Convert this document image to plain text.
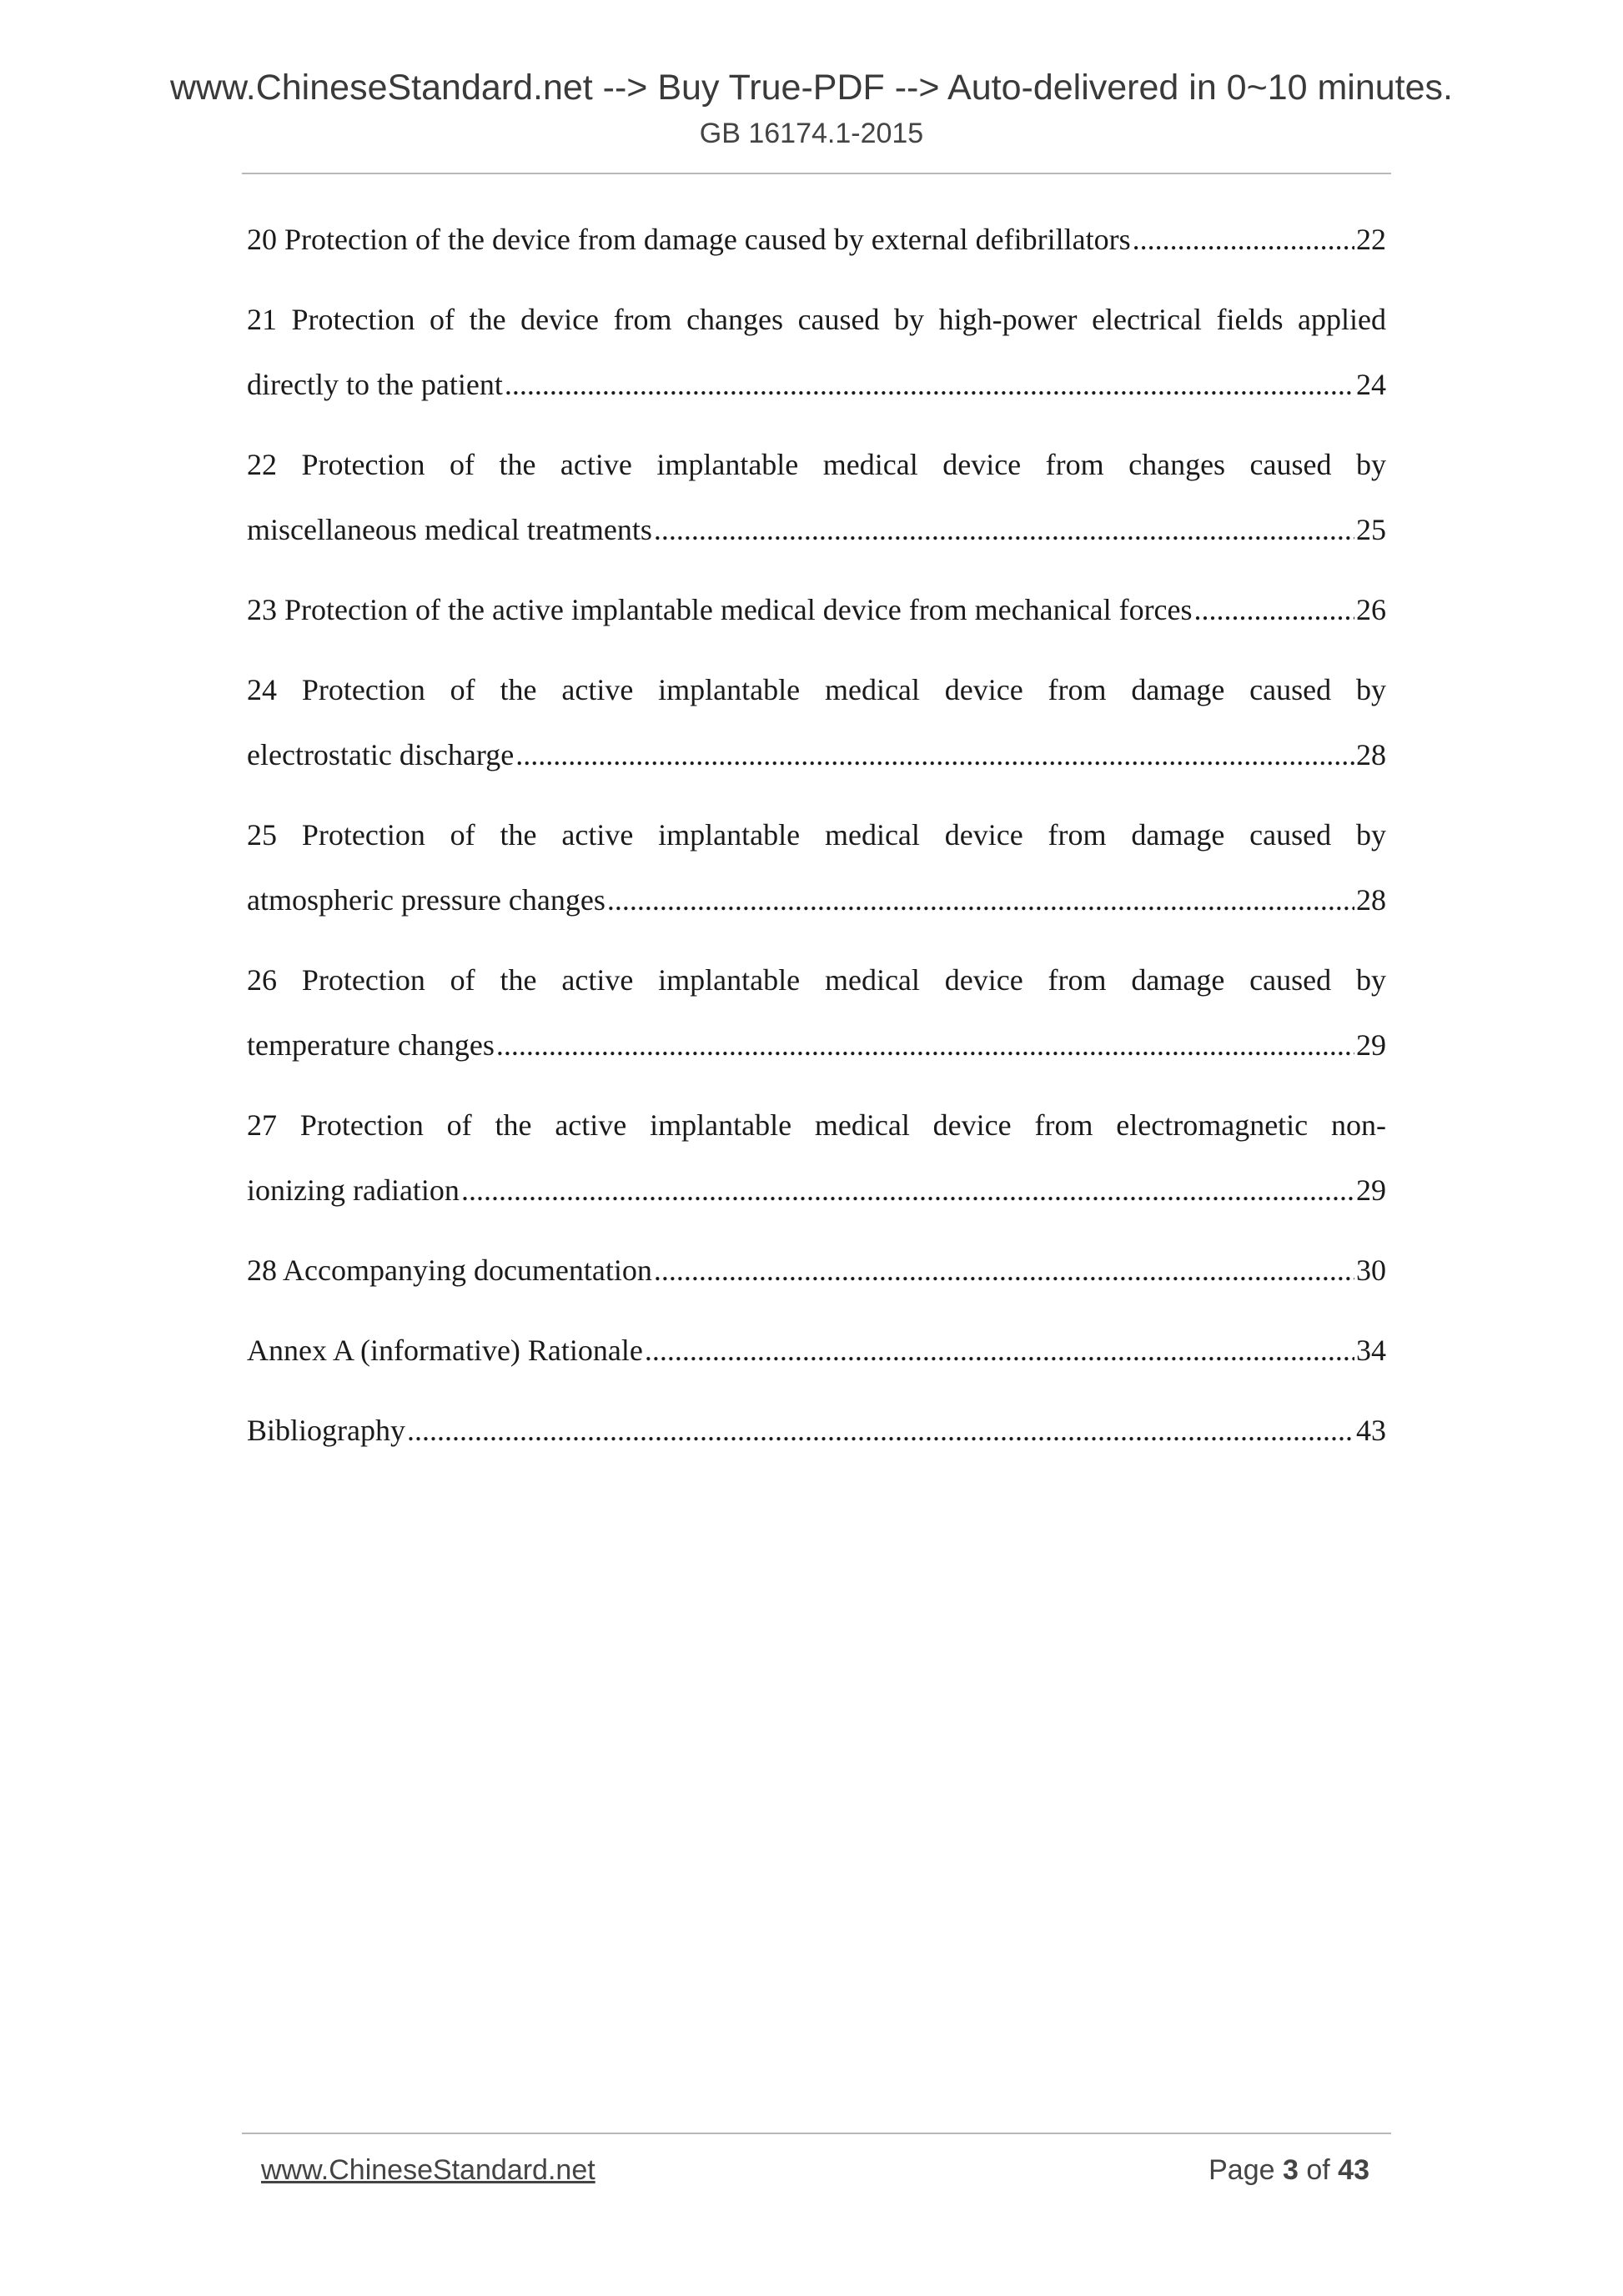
www.ChineseStandard.net --> Buy True-PDF --> Auto-delivered in 0~10 minutes.
GB 16174.1-2015
20 Protection of the device from damage caused by external defibrillators .....	22
21 Protection of the device from changes caused by high-power electrical fields applied
directly to the patient .....	24
22 Protection of the active implantable medical device from changes caused by
miscellaneous medical treatments .....	25
23 Protection of the active implantable medical device from mechanical forces .....	26
24 Protection of the active implantable medical device from damage caused by
electrostatic discharge .....	28
25 Protection of the active implantable medical device from damage caused by
atmospheric pressure changes .....	28
26 Protection of the active implantable medical device from damage caused by
temperature changes .....	29
27 Protection of the active implantable medical device from electromagnetic non-
ionizing radiation .....	29
28 Accompanying documentation .....	30
Annex A (informative) Rationale .....	34
Bibliography .....	43
www.ChineseStandard.net	Page 3 of 43
